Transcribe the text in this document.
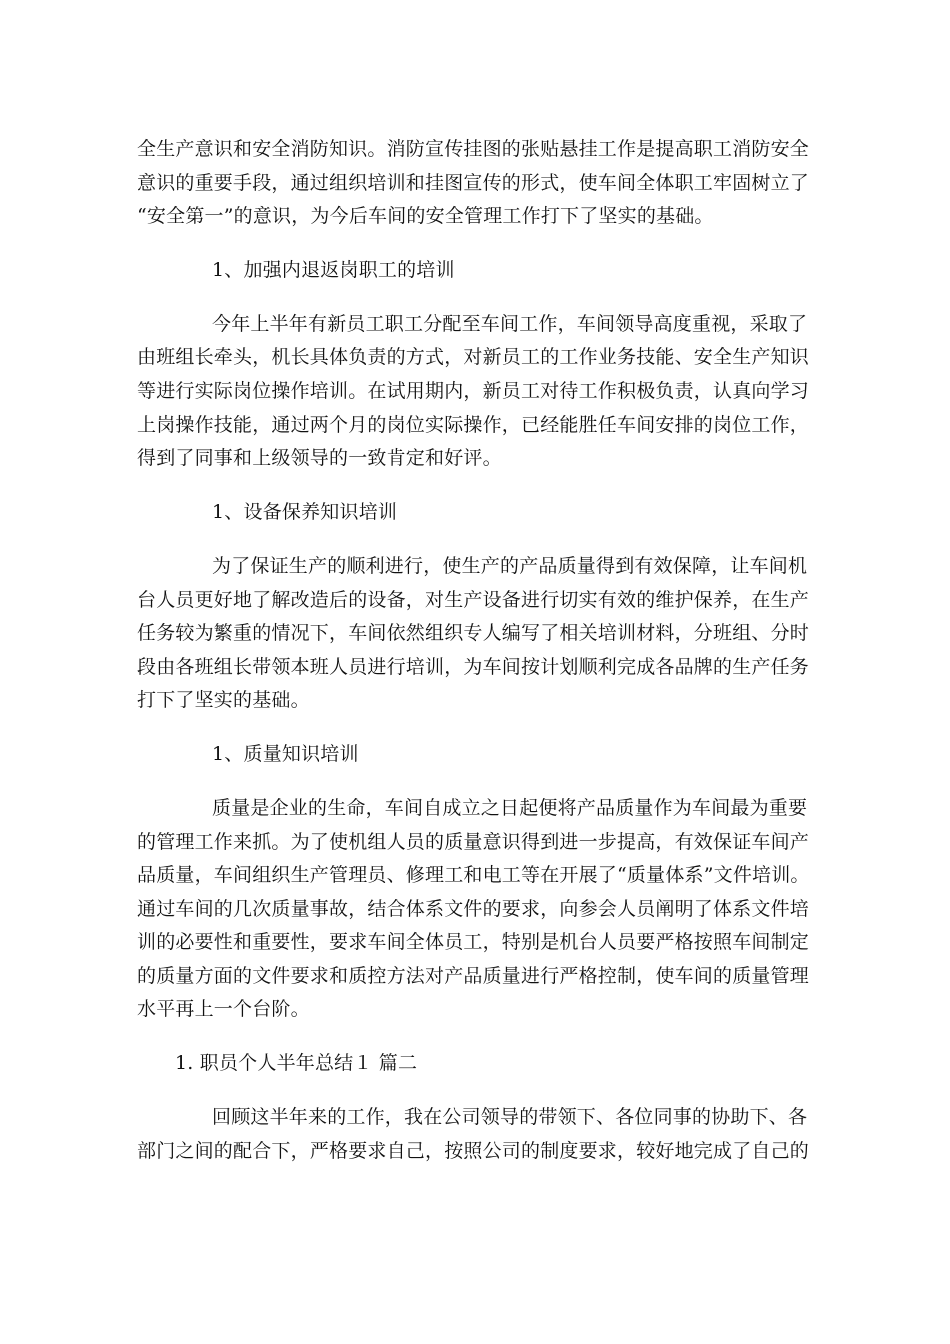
全生产意识和安全消防知识。消防宣传挂图的张贴悬挂工作是提高职工消防安全
意识的重要手段，通过组织培训和挂图宣传的形式，使车间全体职工牢固树立了
“安全第一”的意识，为今后车间的安全管理工作打下了坚实的基础。
1、加强内退返岗职工的培训
今年上半年有新员工职工分配至车间工作，车间领导高度重视，采取了
由班组长牵头，机长具体负责的方式，对新员工的工作业务技能、安全生产知识
等进行实际岗位操作培训。在试用期内，新员工对待工作积极负责，认真向学习
上岗操作技能，通过两个月的岗位实际操作，已经能胜任车间安排的岗位工作，
得到了同事和上级领导的一致肯定和好评。
1、设备保养知识培训
为了保证生产的顺利进行，使生产的产品质量得到有效保障，让车间机
台人员更好地了解改造后的设备，对生产设备进行切实有效的维护保养，在生产
任务较为繁重的情况下，车间依然组织专人编写了相关培训材料，分班组、分时
段由各班组长带领本班人员进行培训，为车间按计划顺利完成各品牌的生产任务
打下了坚实的基础。
1、质量知识培训
质量是企业的生命，车间自成立之日起便将产品质量作为车间最为重要
的管理工作来抓。为了使机组人员的质量意识得到进一步提高，有效保证车间产
品质量，车间组织生产管理员、修理工和电工等在开展了“质量体系”文件培训。
通过车间的几次质量事故，结合体系文件的要求，向参会人员阐明了体系文件培
训的必要性和重要性，要求车间全体员工，特别是机台人员要严格按照车间制定
的质量方面的文件要求和质控方法对产品质量进行严格控制，使车间的质量管理
水平再上一个台阶。
1. 职员个人半年总结１ 篇二
回顾这半年来的工作，我在公司领导的带领下、各位同事的协助下、各
部门之间的配合下，严格要求自己，按照公司的制度要求，较好地完成了自己的
